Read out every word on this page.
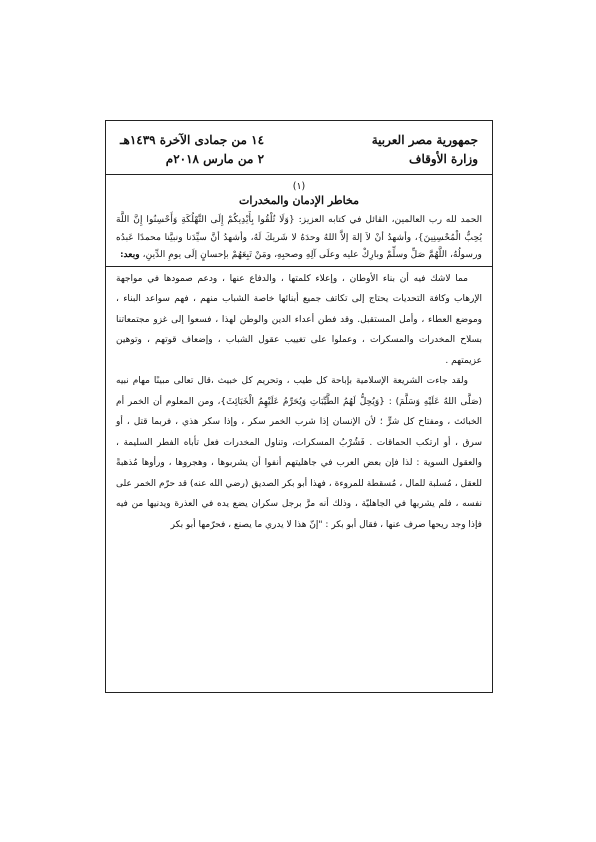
جمهورية مصر العربية
وزارة الأوقاف
١٤ من جمادى الآخرة ١٤٣٩هـ
٢ من مارس ٢٠١٨م
(١)
مخاطر الإدمان والمخدرات
الحمد لله رب العالمين، القائل في كتابه العزيز: {وَلَا تُلْقُوا بِأَيْدِيكُمْ إِلَى التَّهْلُكَةِ وَأَحْسِنُوا إِنَّ اللَّهَ يُحِبُّ الْمُحْسِنِينَ}، وأشهدُ أنْ لاَ إلهَ إلاَّ اللهُ وحدَهُ لا شَريكَ لَهُ، وأشهدُ أنَّ سيِّدَنا ونبيَّنا محمدًا عَبدُه ورسولُهُ، اللَّهُمَّ صَلِّ وسلِّمْ وبارِكْ عليه وعلَى آلِهِ وصحبِهِ، ومَنْ تَبِعَهُمْ بإحسانٍ إلَى يومِ الدِّينِ، وبعد:

مما لاشك فيه أن بناء الأوطان ، وإعلاء كلمتها ، والدفاع عنها ، ودعم صمودها في مواجهة الإرهاب وكافة التحديات يحتاج إلى تكاتف جميع أبنائها خاصة الشباب منهم ، فهم سواعد البناء ، وموضع العطاء ، وأمل المستقبل. وقد فطن أعداء الدين والوطن لهذا ، فسعوا إلى غزو مجتمعاتنا بسلاح المخدرات والمسكرات ، وعملوا على تغييب عقول الشباب ، وإضعاف قوتهم ، وتوهين عزيمتهم .

ولقد جاءت الشريعة الإسلامية بإباحة كل طيب ، وتحريم كل خبيث ،قال تعالى مبينًا مهام نبيه (صَلَّى اللهُ عَلَيْهِ وَسَلَّمَ) : {وَيُحِلُّ لَهُمُ الطَّيِّبَاتِ وَيُحَرِّمُ عَلَيْهِمُ الْخَبَائِثَ}، ومن المعلوم أن الخمر أم الخبائث ، ومفتاح كل شرٍّ ؛ لأن الإنسان إذا شرب الخمر سكر ، وإذا سكر هذي ، فربما قتل ، أو سرق ، أو ارتكب الحماقات . فَشُرْبُ المسكرات، وتناول المخدرات فعل تأباه الفطر السليمة ، والعقول السوية : لذا فإن بعض العرب في جاهليتهم أنفوا أن يشربوها ، وهجروها ، ورأوها مُذهبةً للعقل ، مُسلبة للمال ، مُسقطة للمروءة ، فهذا أبو بكر الصديق (رضي الله عنه) قد حرّم الخمر على نفسه ، فلم يشربها في الجاهليّة ، وذلك أنه مرَّ برجل سكران يضع يده في العذرة ويدنيها من فيه فإذا وجد ريحها صرف عنها ، فقال أبو بكر : "إنّ هذا لا يدري ما يصنع ، فحرّمها أبو بكر
